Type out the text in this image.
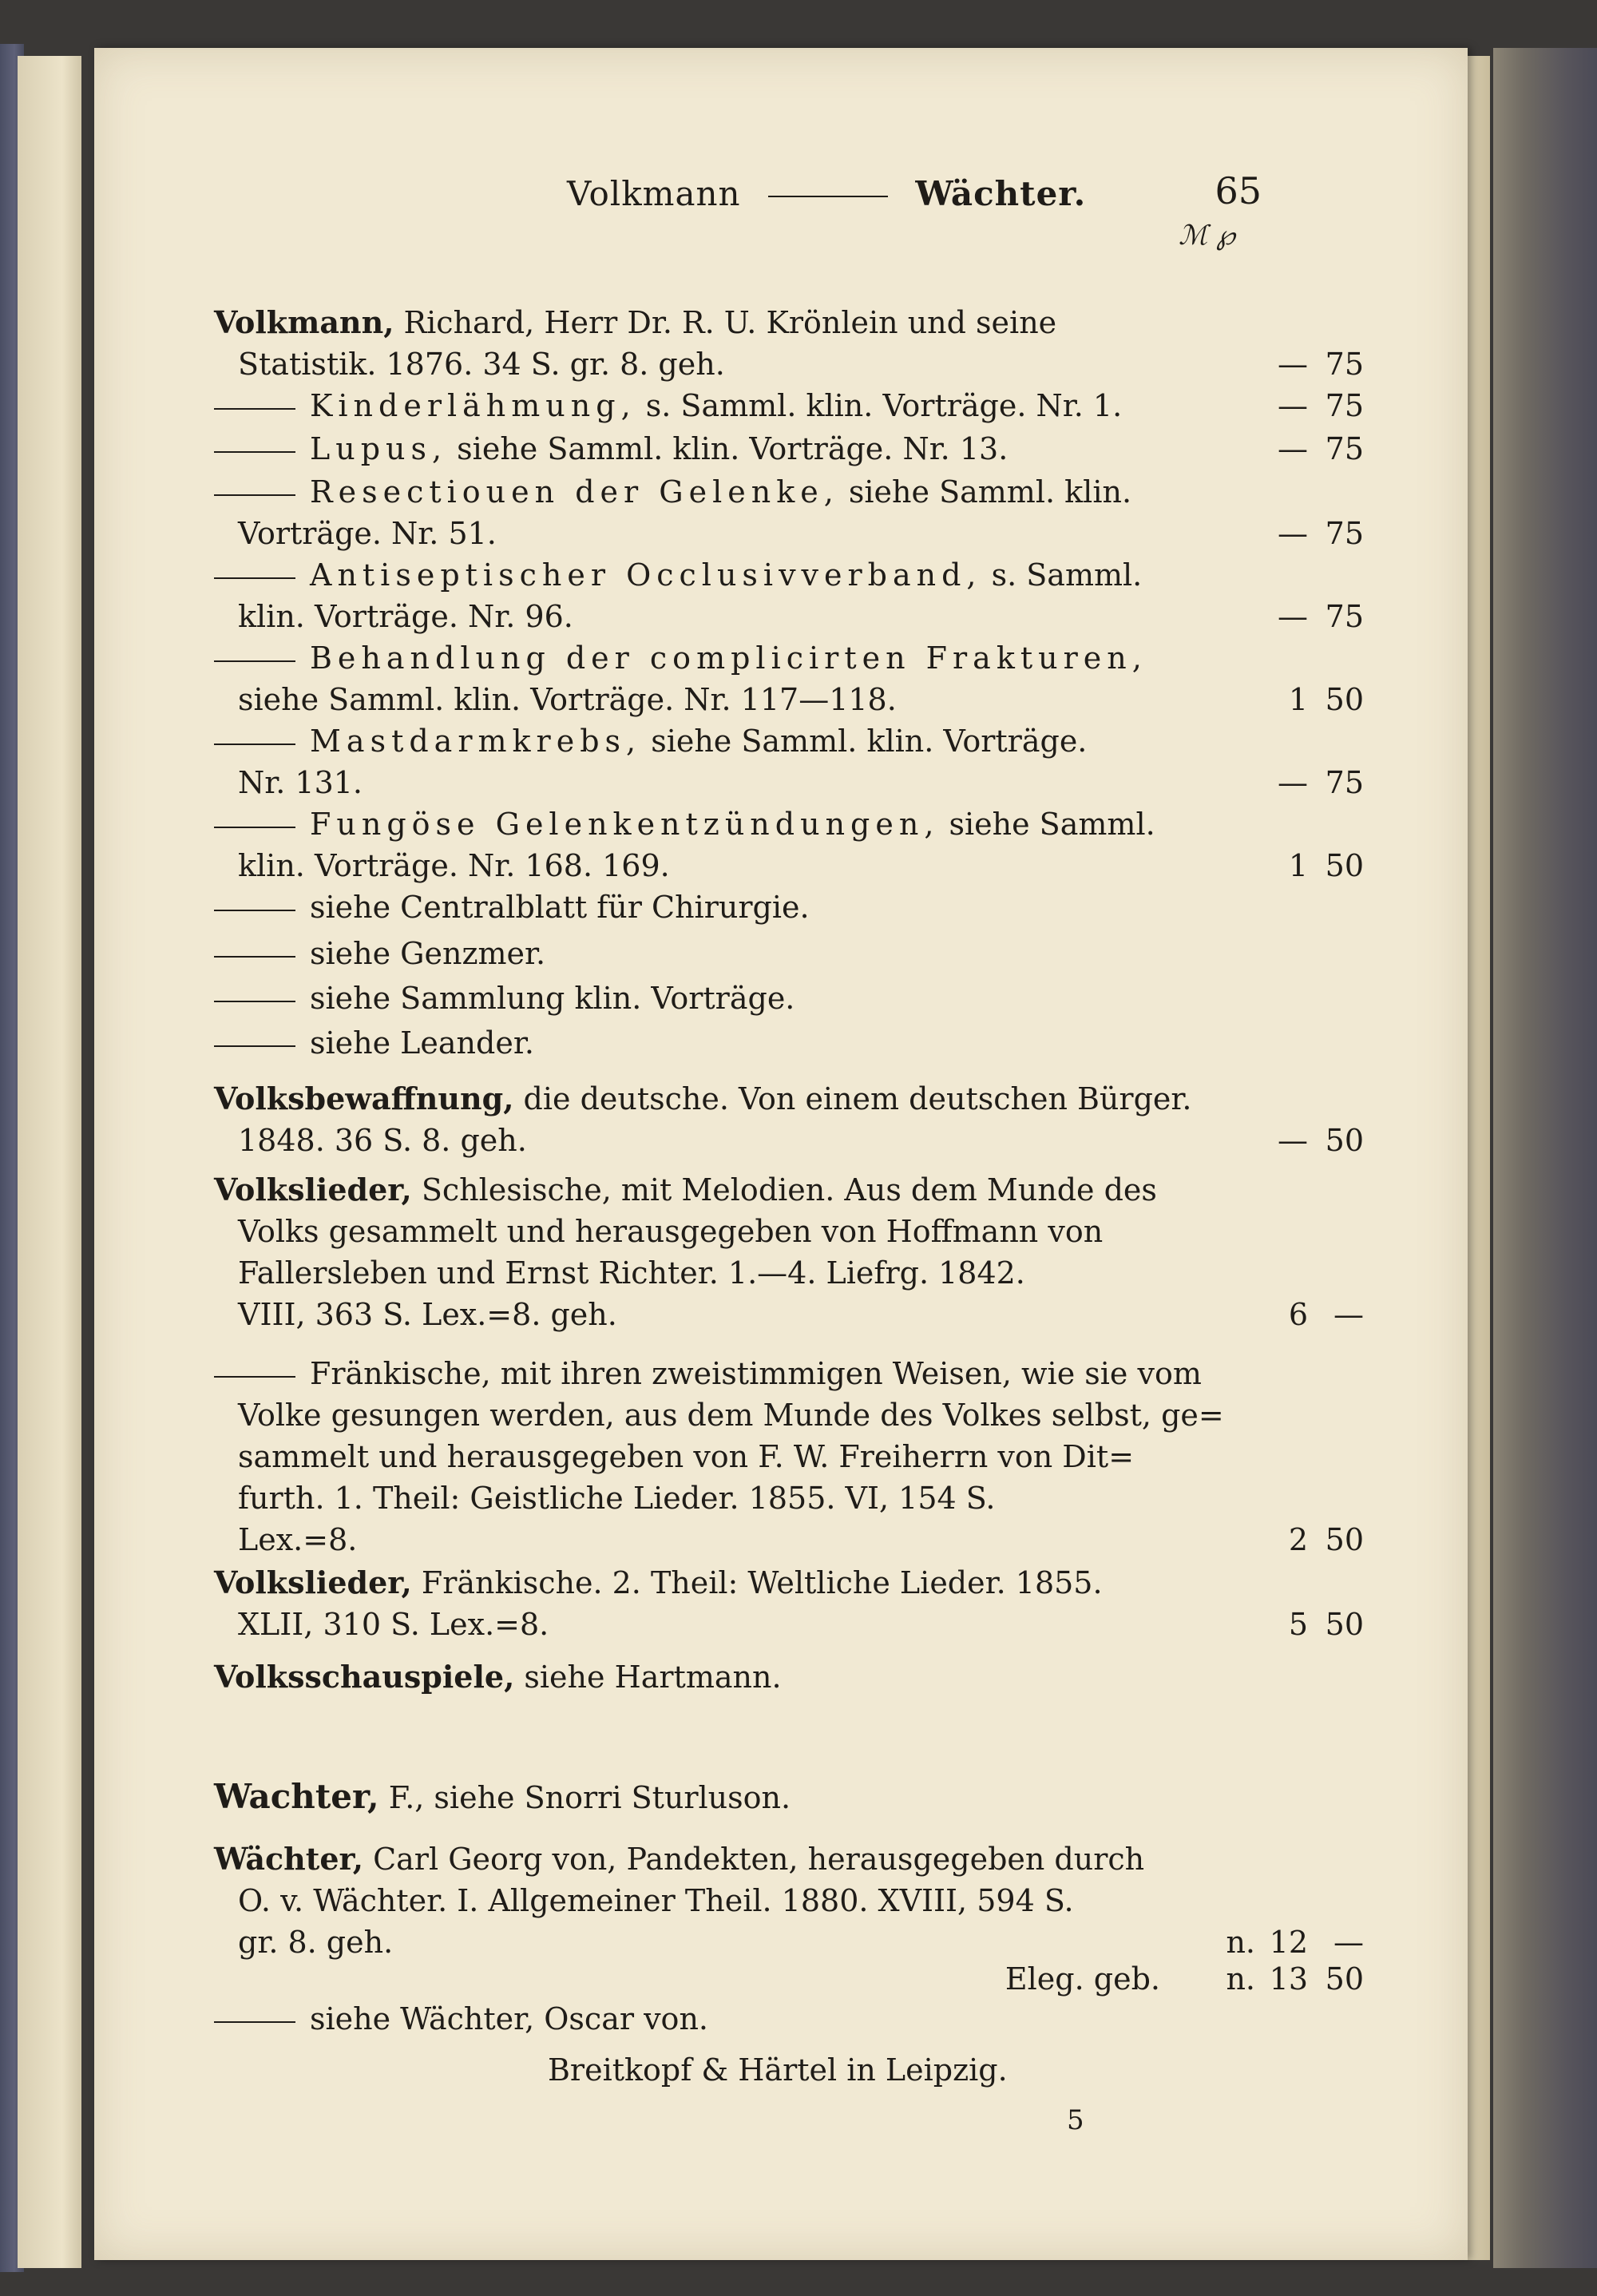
Volkmann	Wächter.	65
ℳ ℘
Volkmann, Richard, Herr Dr. R. U. Krönlein und seine
Statistik. 1876. 34 S. gr. 8. geh.	— 75
Kinderlähmung, s. Samml. klin. Vorträge. Nr. 1.	— 75
Lupus, siehe Samml. klin. Vorträge. Nr. 13.	— 75
Resectiouen der Gelenke, siehe Samml. klin.
Vorträge. Nr. 51.	— 75
Antiseptischer Occlusivverband, s. Samml.
klin. Vorträge. Nr. 96.	— 75
Behandlung der complicirten Frakturen,
siehe Samml. klin. Vorträge. Nr. 117—118.	1 50
Mastdarmkrebs, siehe Samml. klin. Vorträge.
Nr. 131.	— 75
Fungöse Gelenkentzündungen, siehe Samml.
klin. Vorträge. Nr. 168. 169.	1 50
siehe Centralblatt für Chirurgie.
siehe Genzmer.
siehe Sammlung klin. Vorträge.
siehe Leander.
Volksbewaffnung, die deutsche. Von einem deutschen Bürger.
1848. 36 S. 8. geh.	— 50
Volkslieder, Schlesische, mit Melodien. Aus dem Munde des
Volks gesammelt und herausgegeben von Hoffmann von
Fallersleben und Ernst Richter. 1.—4. Liefrg. 1842.
VIII, 363 S. Lex.=8. geh.	6 —
Fränkische, mit ihren zweistimmigen Weisen, wie sie vom
Volke gesungen werden, aus dem Munde des Volkes selbst, ge=
sammelt und herausgegeben von F. W. Freiherrn von Dit=
furth. 1. Theil: Geistliche Lieder. 1855. VI, 154 S.
Lex.=8.	2 50
Volkslieder, Fränkische. 2. Theil: Weltliche Lieder. 1855.
XLII, 310 S. Lex.=8.	5 50
Volksschauspiele, siehe Hartmann.
Wachter, F., siehe Snorri Sturluson.
Wächter, Carl Georg von, Pandekten, herausgegeben durch
O. v. Wächter. I. Allgemeiner Theil. 1880. XVIII, 594 S.
gr. 8. geh.	n. 12 —
Eleg. geb.	n. 13 50
siehe Wächter, Oscar von.
Breitkopf & Härtel in Leipzig.
5
